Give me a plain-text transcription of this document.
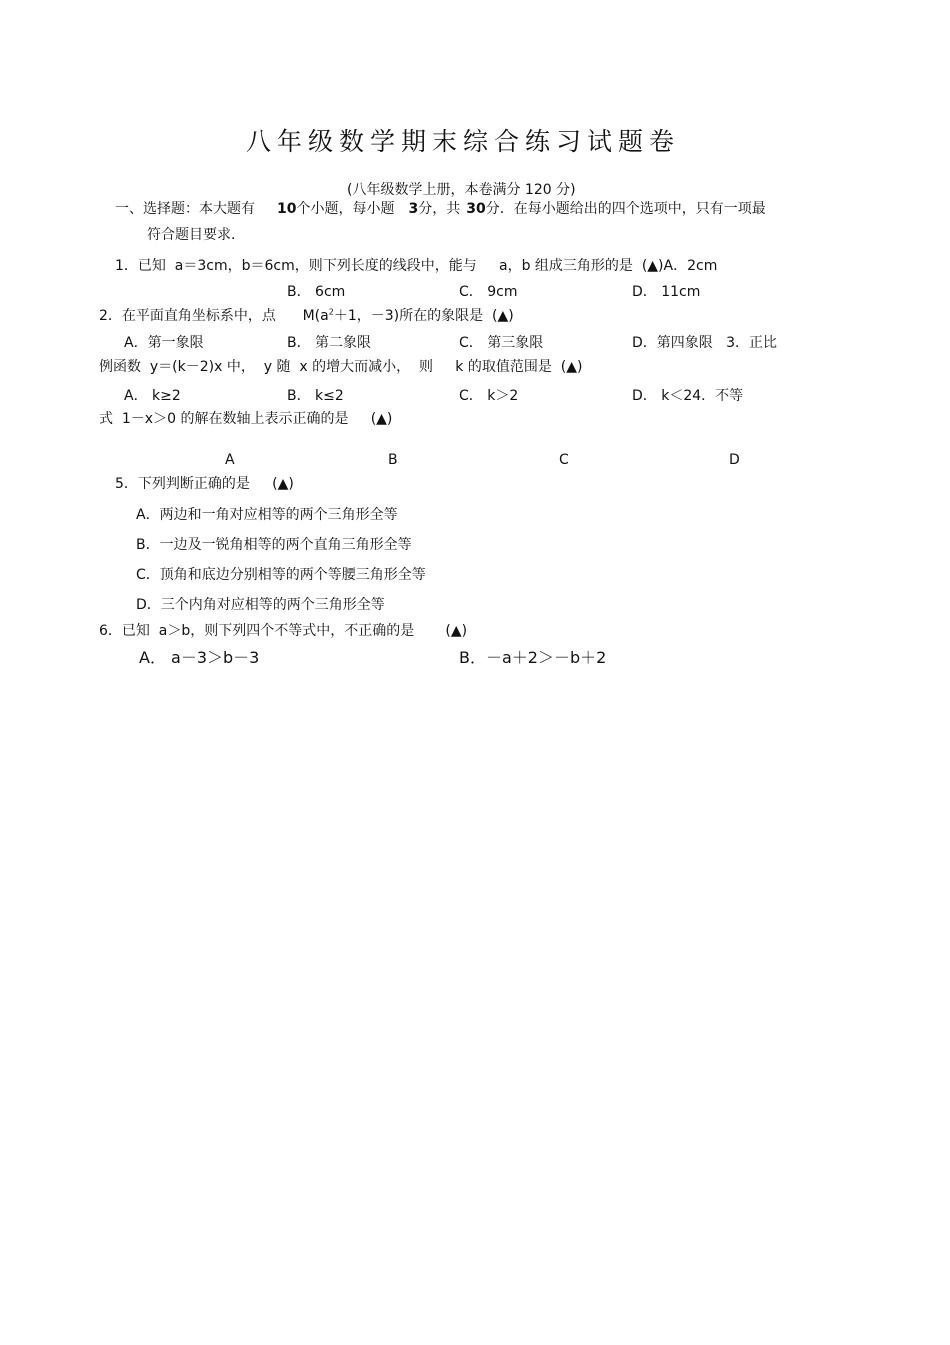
八年级数学期末综合练习试题卷
(八年级数学上册，本卷满分 120 分)
一、选择题：本大题有 10个小题，每小题 3分，共 30分．在每小题给出的四个选项中，只有一项最
符合题目要求．
1．已知  a＝3cm，b＝6cm，则下列长度的线段中，能与     a，b 组成三角形的是  (▲)A．2cm
B． 6cm	C． 9cm	D． 11cm
2．在平面直角坐标系中，点      $M(a^2+1$，－3)所在的象限是  (▲)
A．第一象限	B． 第二象限	C． 第三象限	D．第四象限   3．正比
例函数  y＝(k－2)x 中，  y 随  x 的增大而减小，  则     k 的取值范围是  (▲)
A． k≥2	B． k≤2	C． k＞2	D． k＜24．不等
式  1－x＞0 的解在数轴上表示正确的是     (▲)
A	B	C	D
5．下列判断正确的是     (▲)
A．两边和一角对应相等的两个三角形全等
B．一边及一锐角相等的两个直角三角形全等
C．顶角和底边分别相等的两个等腰三角形全等
D．三个内角对应相等的两个三角形全等
6．已知  a＞b，则下列四个不等式中，不正确的是       (▲)
A． a－3＞b－3	B．－a＋2＞－b＋2
